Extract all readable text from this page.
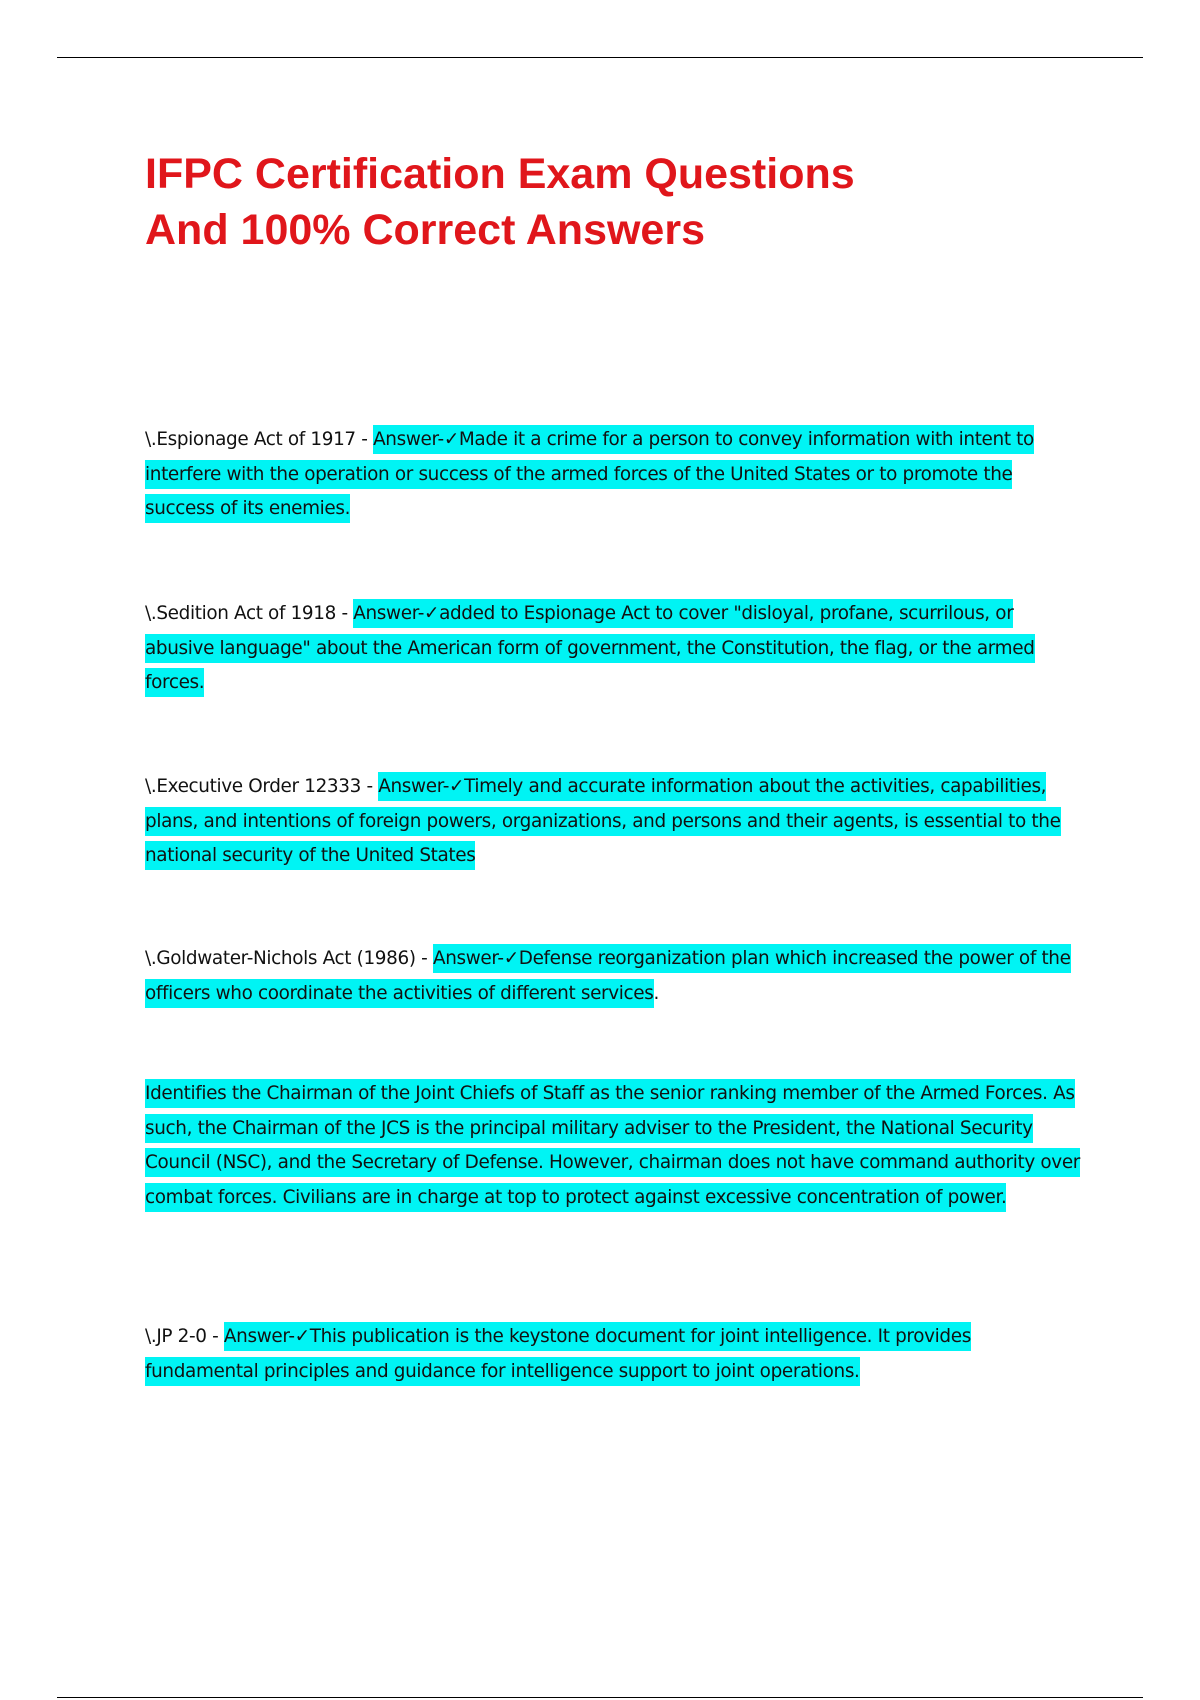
IFPC Certification Exam Questions
And 100% Correct Answers

\.Espionage Act of 1917 - Answer-✓Made it a crime for a person to convey information with intent to interfere with the operation or success of the armed forces of the United States or to promote the success of its enemies.

\.Sedition Act of 1918 - Answer-✓added to Espionage Act to cover "disloyal, profane, scurrilous, or abusive language" about the American form of government, the Constitution, the flag, or the armed forces.

\.Executive Order 12333 - Answer-✓Timely and accurate information about the activities, capabilities, plans, and intentions of foreign powers, organizations, and persons and their agents, is essential to the national security of the United States

\.Goldwater-Nichols Act (1986) - Answer-✓Defense reorganization plan which increased the power of the officers who coordinate the activities of different services.

Identifies the Chairman of the Joint Chiefs of Staff as the senior ranking member of the Armed Forces. As such, the Chairman of the JCS is the principal military adviser to the President, the National Security Council (NSC), and the Secretary of Defense. However, chairman does not have command authority over combat forces. Civilians are in charge at top to protect against excessive concentration of power.

\.JP 2-0 - Answer-✓This publication is the keystone document for joint intelligence. It provides fundamental principles and guidance for intelligence support to joint operations.
